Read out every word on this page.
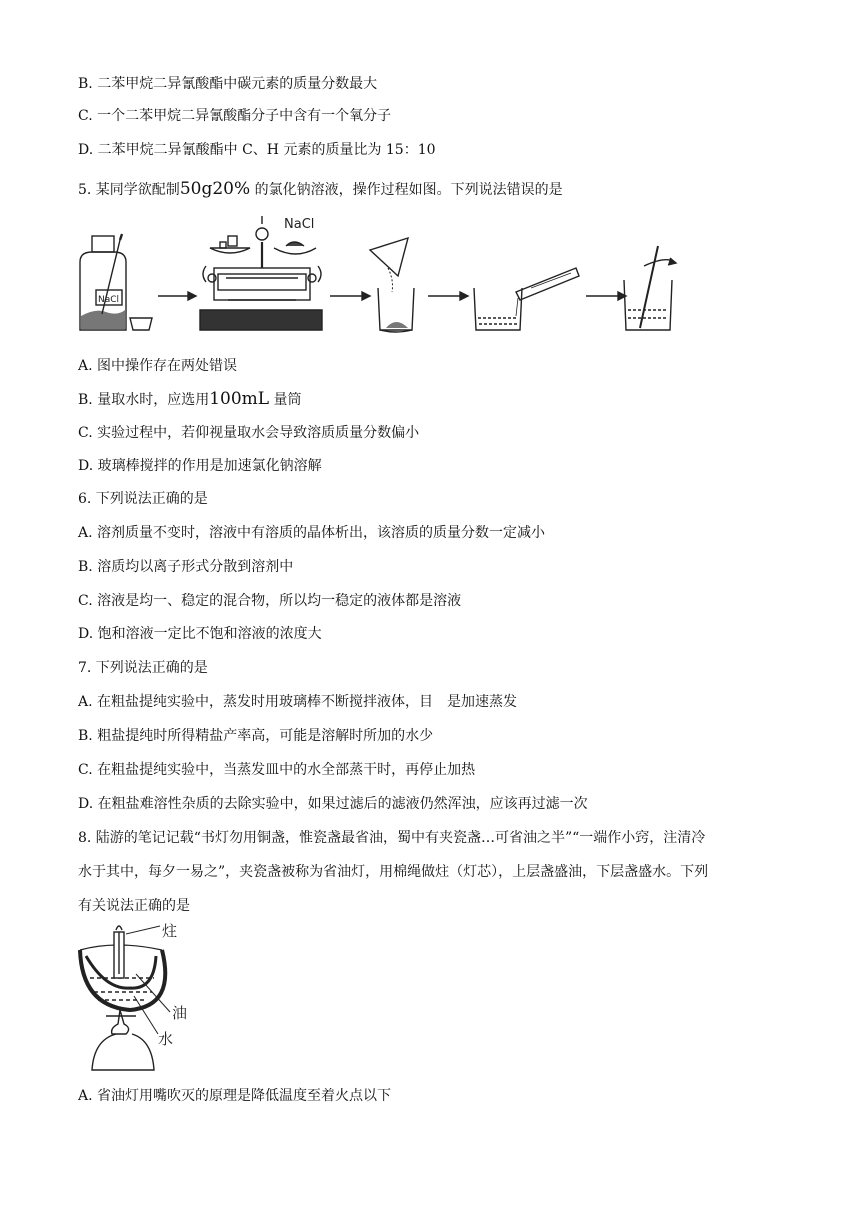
B. 二苯甲烷二异氰酸酯中碳元素的质量分数最大
C. 一个二苯甲烷二异氰酸酯分子中含有一个氧分子
D. 二苯甲烷二异氰酸酯中 C、H 元素的质量比为 15：10
5. 某同学欲配制50g20% 的氯化钠溶液，操作过程如图。下列说法错误的是
NaCl
NaCl
A. 图中操作存在两处错误
B. 量取水时，应选用100mL 量筒
C. 实验过程中，若仰视量取水会导致溶质质量分数偏小
D. 玻璃棒搅拌的作用是加速氯化钠溶解
6. 下列说法正确的是
A. 溶剂质量不变时，溶液中有溶质的晶体析出，该溶质的质量分数一定减小
B. 溶质均以离子形式分散到溶剂中
C. 溶液是均一、稳定的混合物，所以均一稳定的液体都是溶液
D. 饱和溶液一定比不饱和溶液的浓度大
7. 下列说法正确的是
A. 在粗盐提纯实验中，蒸发时用玻璃棒不断搅拌液体，目　是加速蒸发
B. 粗盐提纯时所得精盐产率高，可能是溶解时所加的水少
C. 在粗盐提纯实验中，当蒸发皿中的水全部蒸干时，再停止加热
D. 在粗盐难溶性杂质的去除实验中，如果过滤后的滤液仍然浑浊，应该再过滤一次
8. 陆游的笔记记载“书灯勿用铜盏，惟瓷盏最省油，蜀中有夹瓷盏…可省油之半”“一端作小窍，注清冷
水于其中，每夕一易之”，夹瓷盏被称为省油灯，用棉绳做炷（灯芯），上层盏盛油，下层盏盛水。下列
有关说法正确的是
炷
油
水
A. 省油灯用嘴吹灭的原理是降低温度至着火点以下
